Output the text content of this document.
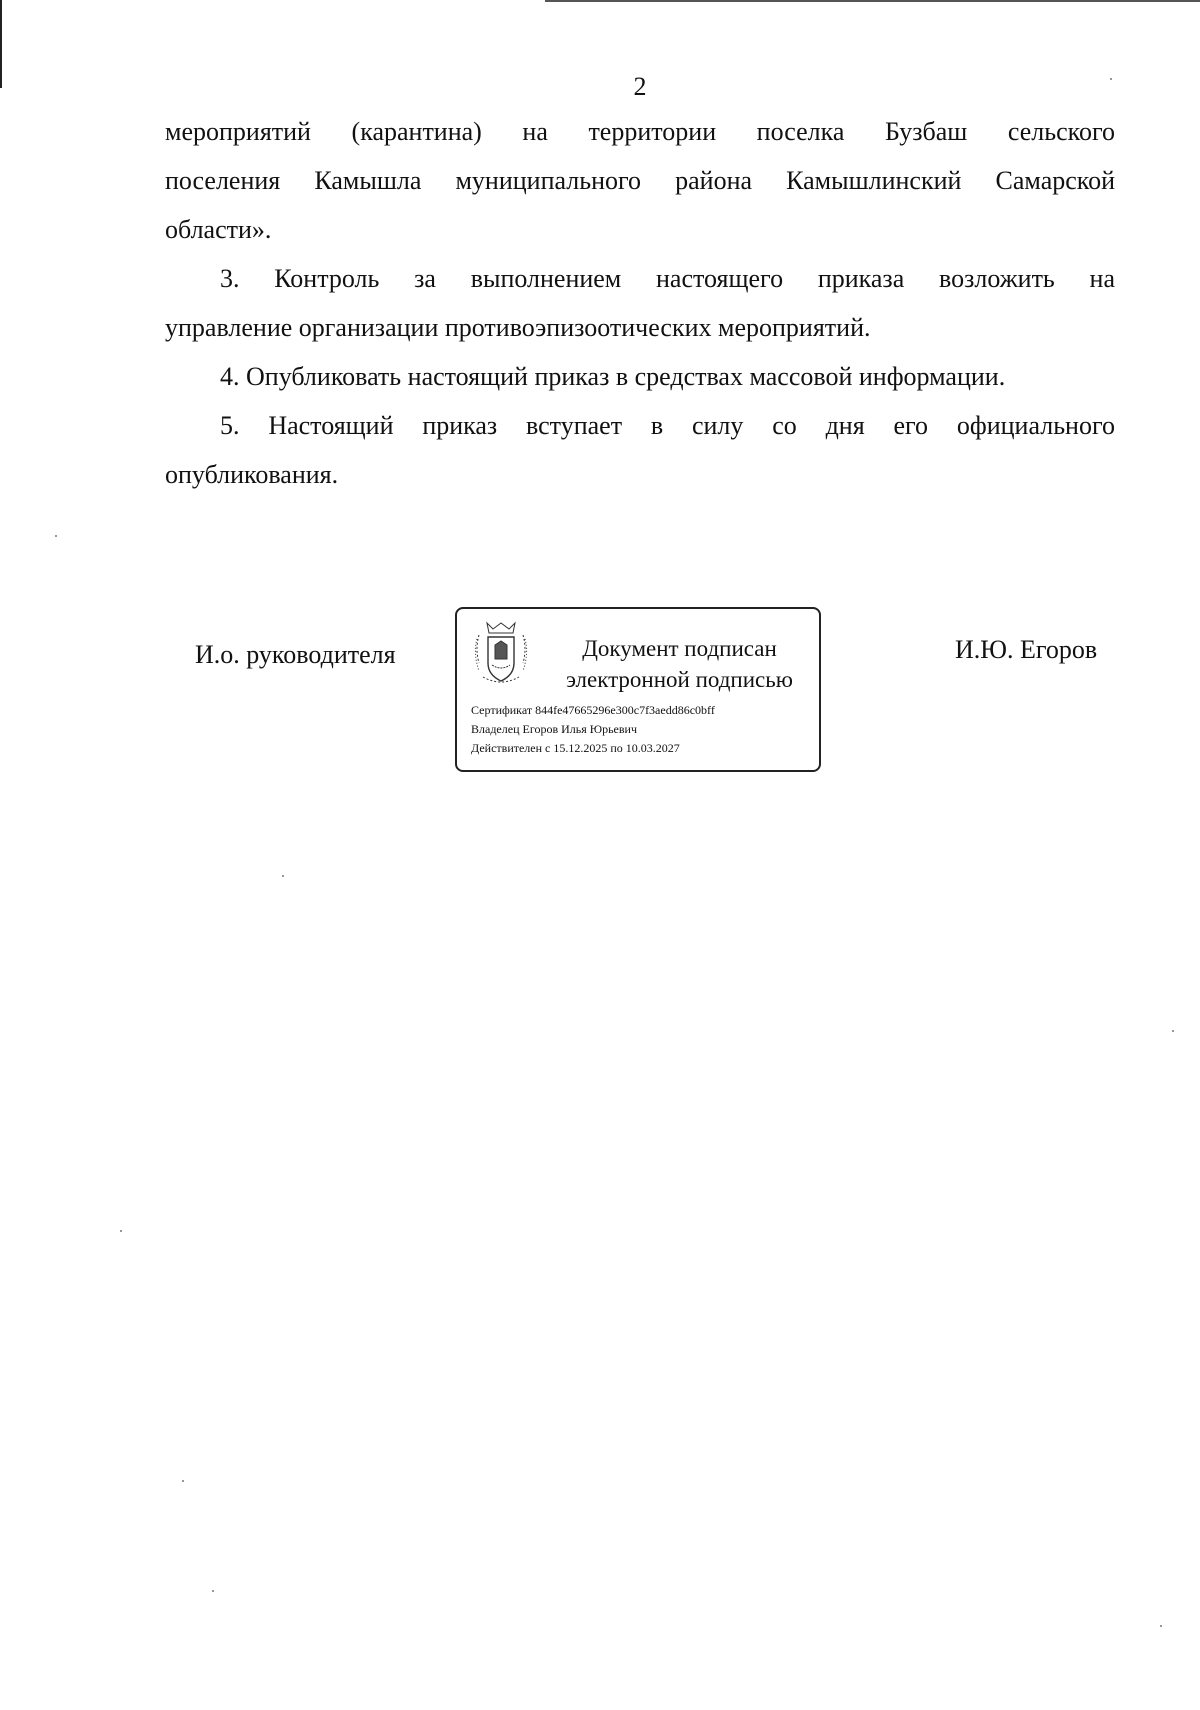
2

мероприятий (карантина) на территории поселка Бузбаш сельского

поселения Камышла муниципального района Камышлинский Самарской

области».

3. Контроль за выполнением настоящего приказа возложить на

управление организации противоэпизоотических мероприятий.

4. Опубликовать настоящий приказ в средствах массовой информации.

5. Настоящий приказ вступает в силу со дня его официального

опубликования.

И.о. руководителя	Документ подписан
электронной подписью
Сертификат 844fe47665296e300c7f3aedd86c0bff
Владелец Егоров Илья Юрьевич
Действителен с 15.12.2025 по 10.03.2027
И.Ю. Егоров
